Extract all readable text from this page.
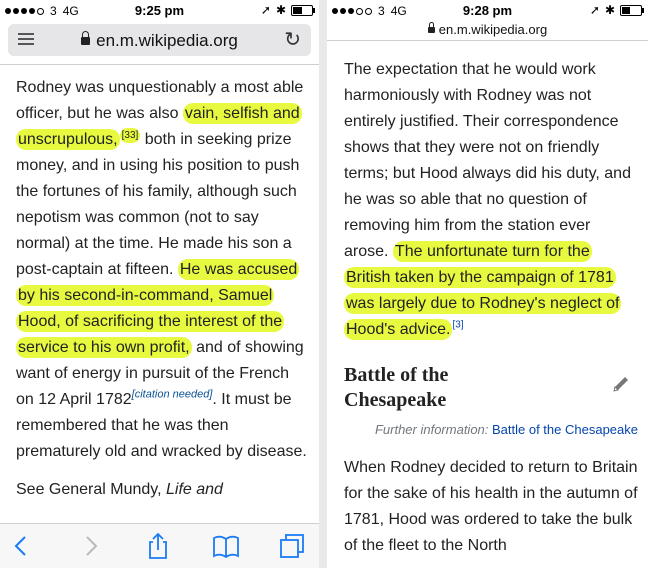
3 4G	9:25 pm	➚ ✱
en.m.wikipedia.org	↻

Rodney was unquestionably a most able officer, but he was also vain, selfish and unscrupulous, [33] both in seeking prize money, and in using his position to push the fortunes of his family, although such nepotism was common (not to say normal) at the time. He made his son a post-captain at fifteen. He was accused by his second-in-command, Samuel Hood, of sacrificing the interest of the service to his own profit, and of showing want of energy in pursuit of the French on 12 April 1782[citation needed]. It must be remembered that he was then prematurely old and wracked by disease.

See General Mundy, Life and

3 4G	9:28 pm	➚ ✱
en.m.wikipedia.org

The expectation that he would work harmoniously with Rodney was not entirely justified. Their correspondence shows that they were not on friendly terms; but Hood always did his duty, and he was so able that no question of removing him from the station ever arose. The unfortunate turn for the British taken by the campaign of 1781 was largely due to Rodney's neglect of Hood's advice. [3]

Battle of the
Chesapeake
Further information: Battle of the Chesapeake

When Rodney decided to return to Britain for the sake of his health in the autumn of 1781, Hood was ordered to take the bulk of the fleet to the North
